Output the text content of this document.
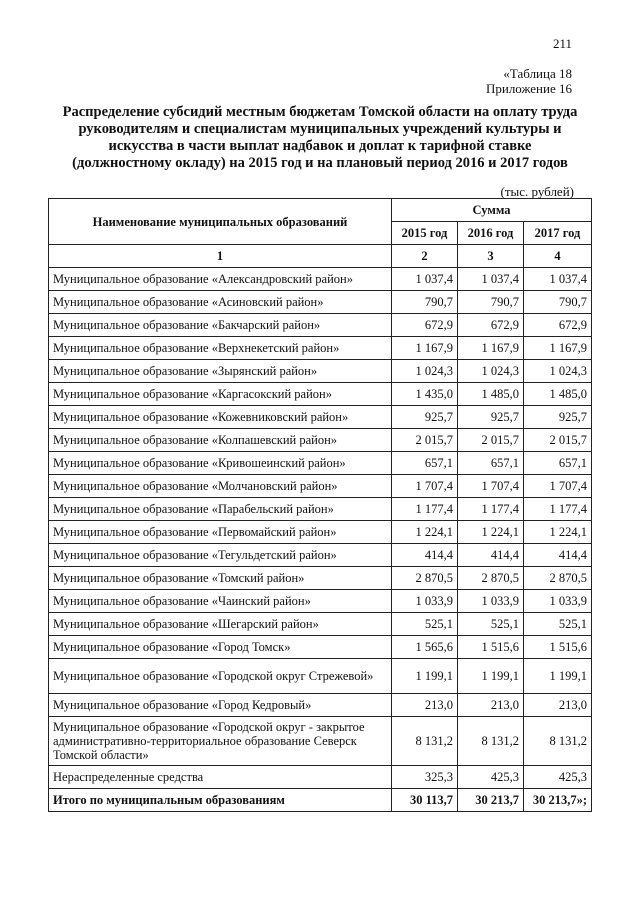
211
«Таблица 18
Приложение 16
Распределение субсидий местным бюджетам Томской области на оплату труда
руководителям и специалистам муниципальных учреждений культуры и
искусства в части выплат надбавок и доплат к тарифной ставке
(должностному окладу) на 2015 год и на плановый период 2016 и 2017 годов
(тыс. рублей)
Наименование муниципальных образований	Сумма		
	2015 год	2016 год	2017 год
1	2	3	4
Муниципальное образование «Александровский район»	1 037,4	1 037,4	1 037,4
Муниципальное образование «Асиновский район»	790,7	790,7	790,7
Муниципальное образование «Бакчарский район»	672,9	672,9	672,9
Муниципальное образование «Верхнекетский район»	1 167,9	1 167,9	1 167,9
Муниципальное образование «Зырянский район»	1 024,3	1 024,3	1 024,3
Муниципальное образование «Каргасокский район»	1 435,0	1 485,0	1 485,0
Муниципальное образование «Кожевниковский район»	925,7	925,7	925,7
Муниципальное образование «Колпашевский район»	2 015,7	2 015,7	2 015,7
Муниципальное образование «Кривошеинский район»	657,1	657,1	657,1
Муниципальное образование «Молчановский район»	1 707,4	1 707,4	1 707,4
Муниципальное образование «Парабельский район»	1 177,4	1 177,4	1 177,4
Муниципальное образование «Первомайский район»	1 224,1	1 224,1	1 224,1
Муниципальное образование «Тегульдетский район»	414,4	414,4	414,4
Муниципальное образование «Томский район»	2 870,5	2 870,5	2 870,5
Муниципальное образование «Чаинский район»	1 033,9	1 033,9	1 033,9
Муниципальное образование «Шегарский район»	525,1	525,1	525,1
Муниципальное образование «Город Томск»	1 565,6	1 515,6	1 515,6
Муниципальное образование «Городской округ Стрежевой»	1 199,1	1 199,1	1 199,1
Муниципальное образование «Город Кедровый»	213,0	213,0	213,0
Муниципальное образование «Городской округ - закрытое административно-территориальное образование Северск Томской области»	8 131,2	8 131,2	8 131,2
Нераспределенные средства	325,3	425,3	425,3
Итого по муниципальным образованиям	30 113,7	30 213,7	30 213,7»;
